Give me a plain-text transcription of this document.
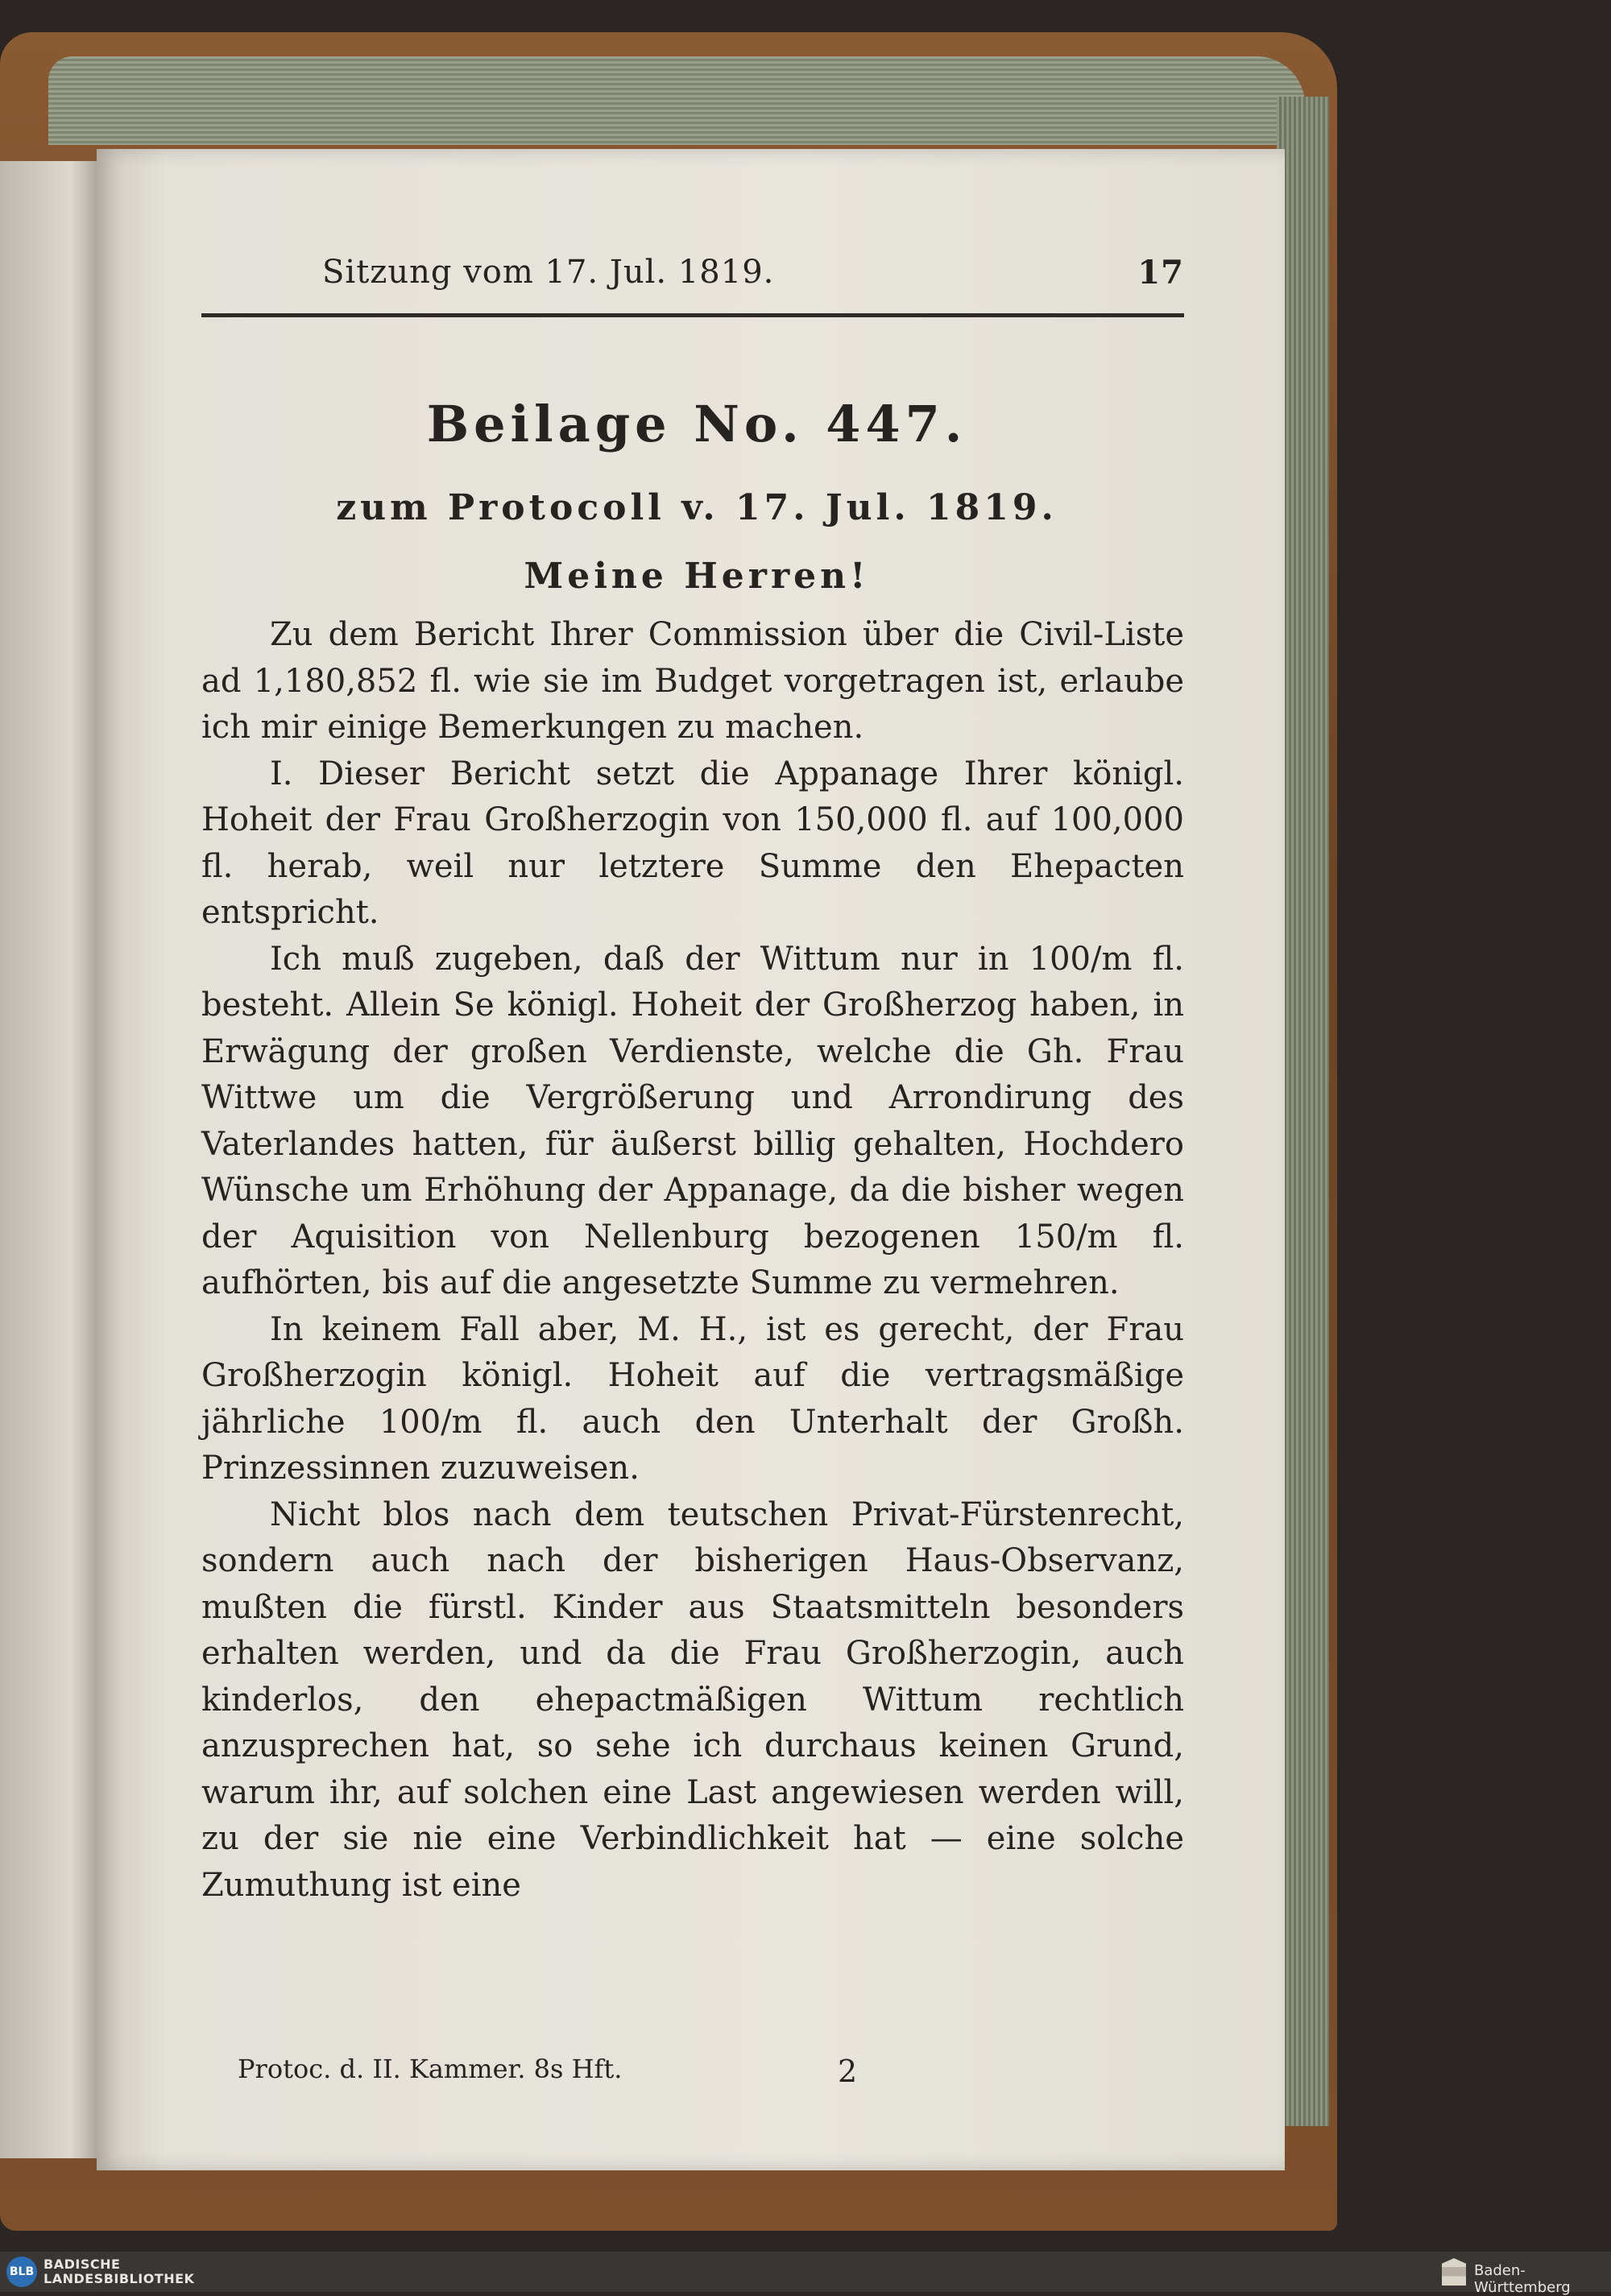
Sitzung vom 17. Jul. 1819.	17
Beilage No. 447.
zum Protocoll v. 17. Jul. 1819.
Meine Herren!

Zu dem Bericht Ihrer Commission über die Civil-Liste ad 1,180,852 fl. wie sie im Budget vorgetragen ist, erlaube ich mir einige Bemerkungen zu machen.

I. Dieser Bericht setzt die Appanage Ihrer königl. Hoheit der Frau Großherzogin von 150,000 fl. auf 100,000 fl. herab, weil nur letztere Summe den Ehepacten entspricht.

Ich muß zugeben, daß der Wittum nur in 100/m fl. besteht. Allein Se königl. Hoheit der Großherzog haben, in Erwägung der großen Verdienste, welche die Gh. Frau Wittwe um die Vergrößerung und Arrondirung des Vaterlandes hatten, für äußerst billig gehalten, Hochdero Wünsche um Erhöhung der Appanage, da die bisher wegen der Aquisition von Nellenburg bezogenen 150/m fl. aufhörten, bis auf die angesetzte Summe zu vermehren.

In keinem Fall aber, M. H., ist es gerecht, der Frau Großherzogin königl. Hoheit auf die vertragsmäßige jährliche 100/m fl. auch den Unterhalt der Großh. Prinzessinnen zuzuweisen.

Nicht blos nach dem teutschen Privat-Fürstenrecht, sondern auch nach der bisherigen Haus-Observanz, mußten die fürstl. Kinder aus Staatsmitteln besonders erhalten werden, und da die Frau Großherzogin, auch kinderlos, den ehepactmäßigen Wittum rechtlich anzusprechen hat, so sehe ich durchaus keinen Grund, warum ihr, auf solchen eine Last angewiesen werden will, zu der sie nie eine Verbindlichkeit hat — eine solche Zumuthung ist eine

Protoc. d. II. Kammer. 8s Hft.	2
BLB BADISCHE
LANDESBIBLIOTHEK	Baden-Württemberg
